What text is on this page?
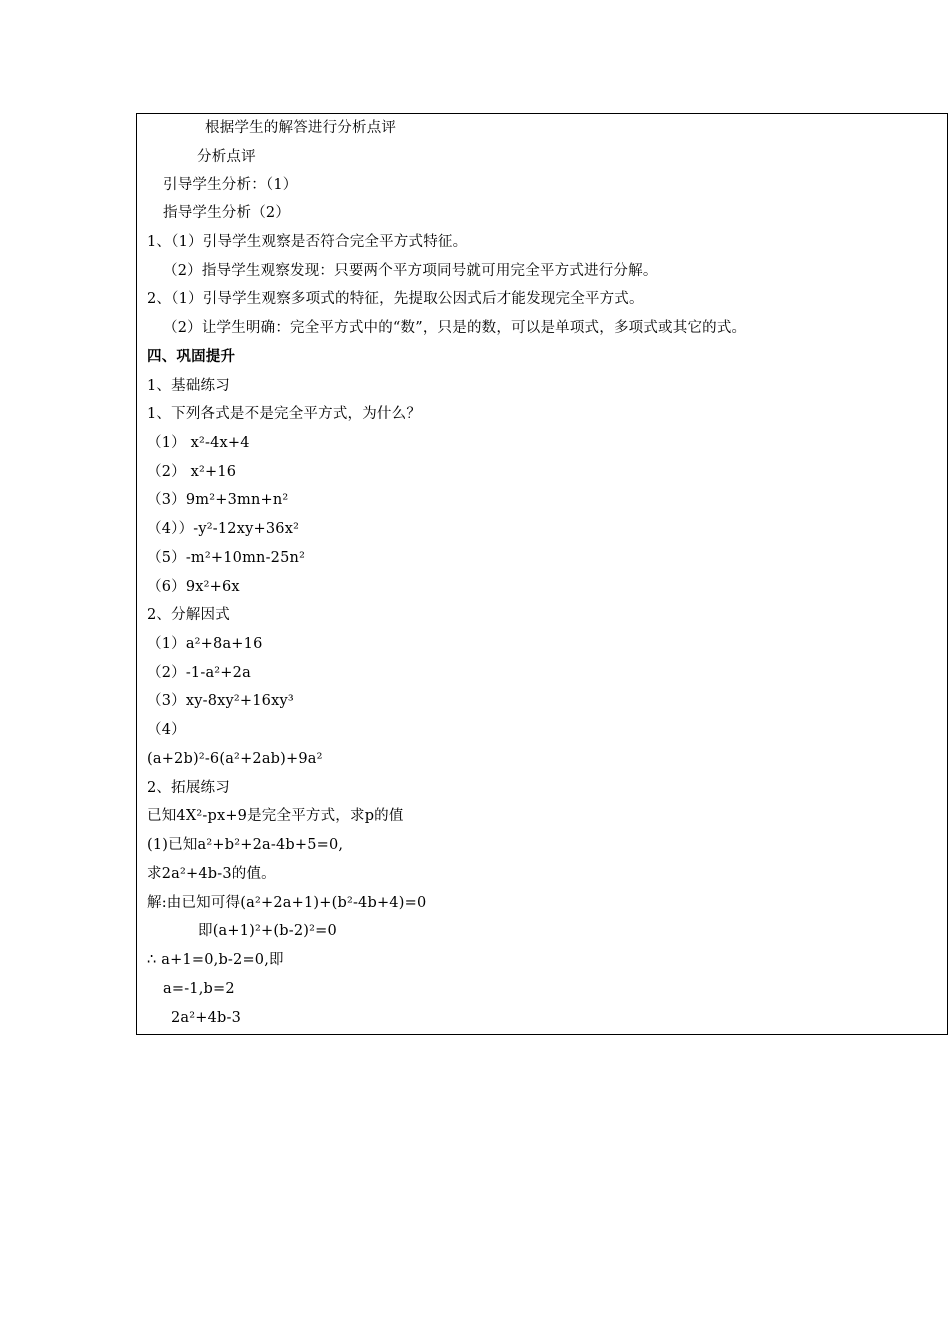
根据学生的解答进行分析点评
分析点评
引导学生分析：（1）
指导学生分析（2）
1、（1）引导学生观察是否符合完全平方式特征。
（2）指导学生观察发现：只要两个平方项同号就可用完全平方式进行分解。
2、（1）引导学生观察多项式的特征，先提取公因式后才能发现完全平方式。
（2）让学生明确：完全平方式中的“数”，只是的数，可以是单项式，多项式或其它的式。
四、巩固提升
1、基础练习
1、下列各式是不是完全平方式，为什么？
（1） x²-4x+4
（2） x²+16
（3）9m²+3mn+n²
（4））-y²-12xy+36x²
（5）-m²+10mn-25n²
（6）9x²+6x
2、分解因式
（1）a²+8a+16
（2）-1-a²+2a
（3）xy-8xy²+16xy³
（4）
(a+2b)²-6(a²+2ab)+9a²
2、拓展练习
已知4X²-px+9是完全平方式，求p的值
(1)已知a²+b²+2a-4b+5=0,
求2a²+4b-3的值。
解:由已知可得(a²+2a+1)+(b²-4b+4)=0
即(a+1)²+(b-2)²=0
∴ a+1=0,b-2=0,即
a=-1,b=2
2a²+4b-3
